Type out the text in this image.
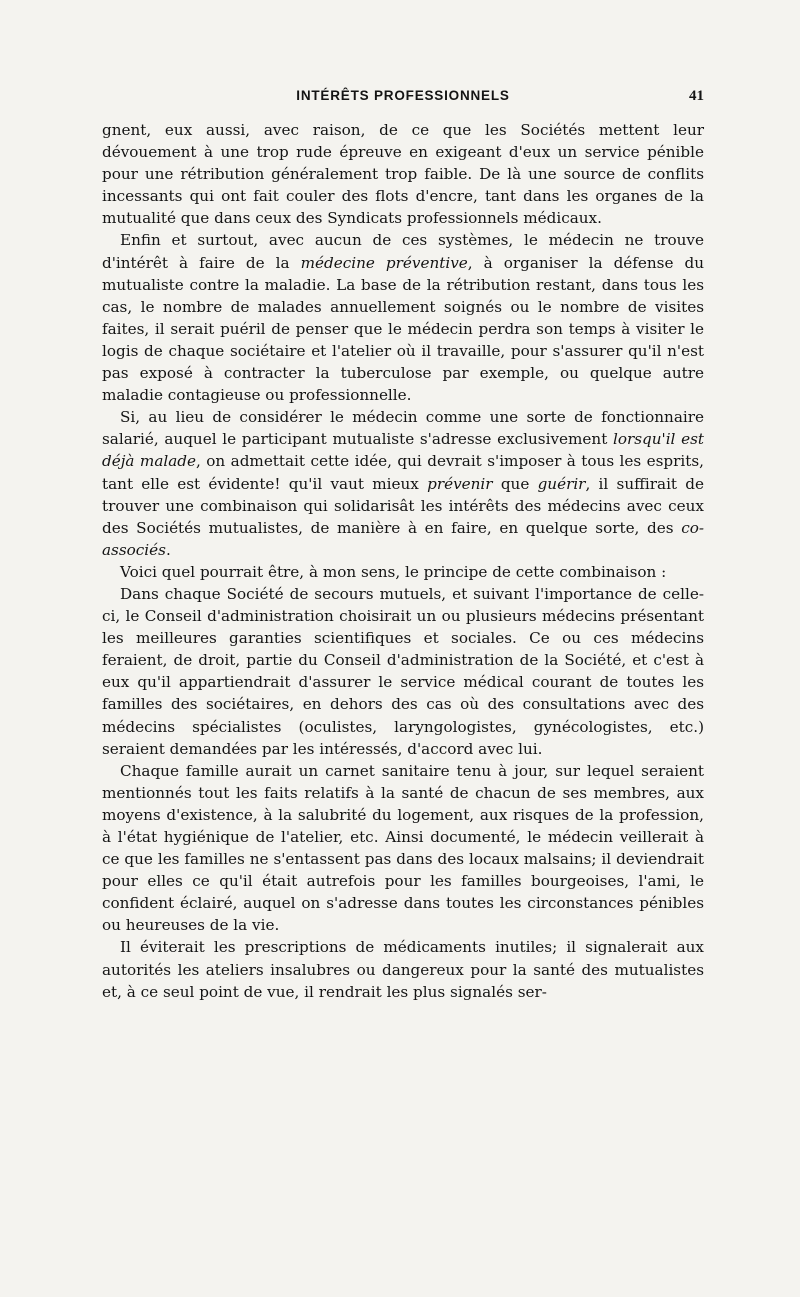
INTÉRÊTS PROFESSIONNELS	41

gnent, eux aussi, avec raison, de ce que les Sociétés mettent leur dévouement à une trop rude épreuve en exigeant d'eux un service pénible pour une rétribution généralement trop faible. De là une source de conflits incessants qui ont fait couler des flots d'encre, tant dans les organes de la mutualité que dans ceux des Syndicats professionnels médicaux.

Enfin et surtout, avec aucun de ces systèmes, le médecin ne trouve d'intérêt à faire de la médecine préventive, à organiser la défense du mutualiste contre la maladie. La base de la rétribution restant, dans tous les cas, le nombre de malades annuellement soignés ou le nombre de visites faites, il serait puéril de penser que le médecin perdra son temps à visiter le logis de chaque sociétaire et l'atelier où il travaille, pour s'assurer qu'il n'est pas exposé à contracter la tuberculose par exemple, ou quelque autre maladie contagieuse ou professionnelle.

Si, au lieu de considérer le médecin comme une sorte de fonctionnaire salarié, auquel le participant mutualiste s'adresse exclusivement lorsqu'il est déjà malade, on admettait cette idée, qui devrait s'imposer à tous les esprits, tant elle est évidente! qu'il vaut mieux prévenir que guérir, il suffirait de trouver une combinaison qui solidarisât les intérêts des médecins avec ceux des Sociétés mutualistes, de manière à en faire, en quelque sorte, des co-associés.

Voici quel pourrait être, à mon sens, le principe de cette combinaison :

Dans chaque Société de secours mutuels, et suivant l'importance de celle-ci, le Conseil d'administration choisirait un ou plusieurs médecins présentant les meilleures garanties scientifiques et sociales. Ce ou ces médecins feraient, de droit, partie du Conseil d'administration de la Société, et c'est à eux qu'il appartiendrait d'assurer le service médical courant de toutes les familles des sociétaires, en dehors des cas où des consultations avec des médecins spécialistes (oculistes, laryngologistes, gynécologistes, etc.) seraient demandées par les intéressés, d'accord avec lui.

Chaque famille aurait un carnet sanitaire tenu à jour, sur lequel seraient mentionnés tout les faits relatifs à la santé de chacun de ses membres, aux moyens d'existence, à la salubrité du logement, aux risques de la profession, à l'état hygiénique de l'atelier, etc. Ainsi documenté, le médecin veillerait à ce que les familles ne s'entassent pas dans des locaux malsains; il deviendrait pour elles ce qu'il était autrefois pour les familles bourgeoises, l'ami, le confident éclairé, auquel on s'adresse dans toutes les circonstances pénibles ou heureuses de la vie.

Il éviterait les prescriptions de médicaments inutiles; il signalerait aux autorités les ateliers insalubres ou dangereux pour la santé des mutualistes et, à ce seul point de vue, il rendrait les plus signalés ser-
